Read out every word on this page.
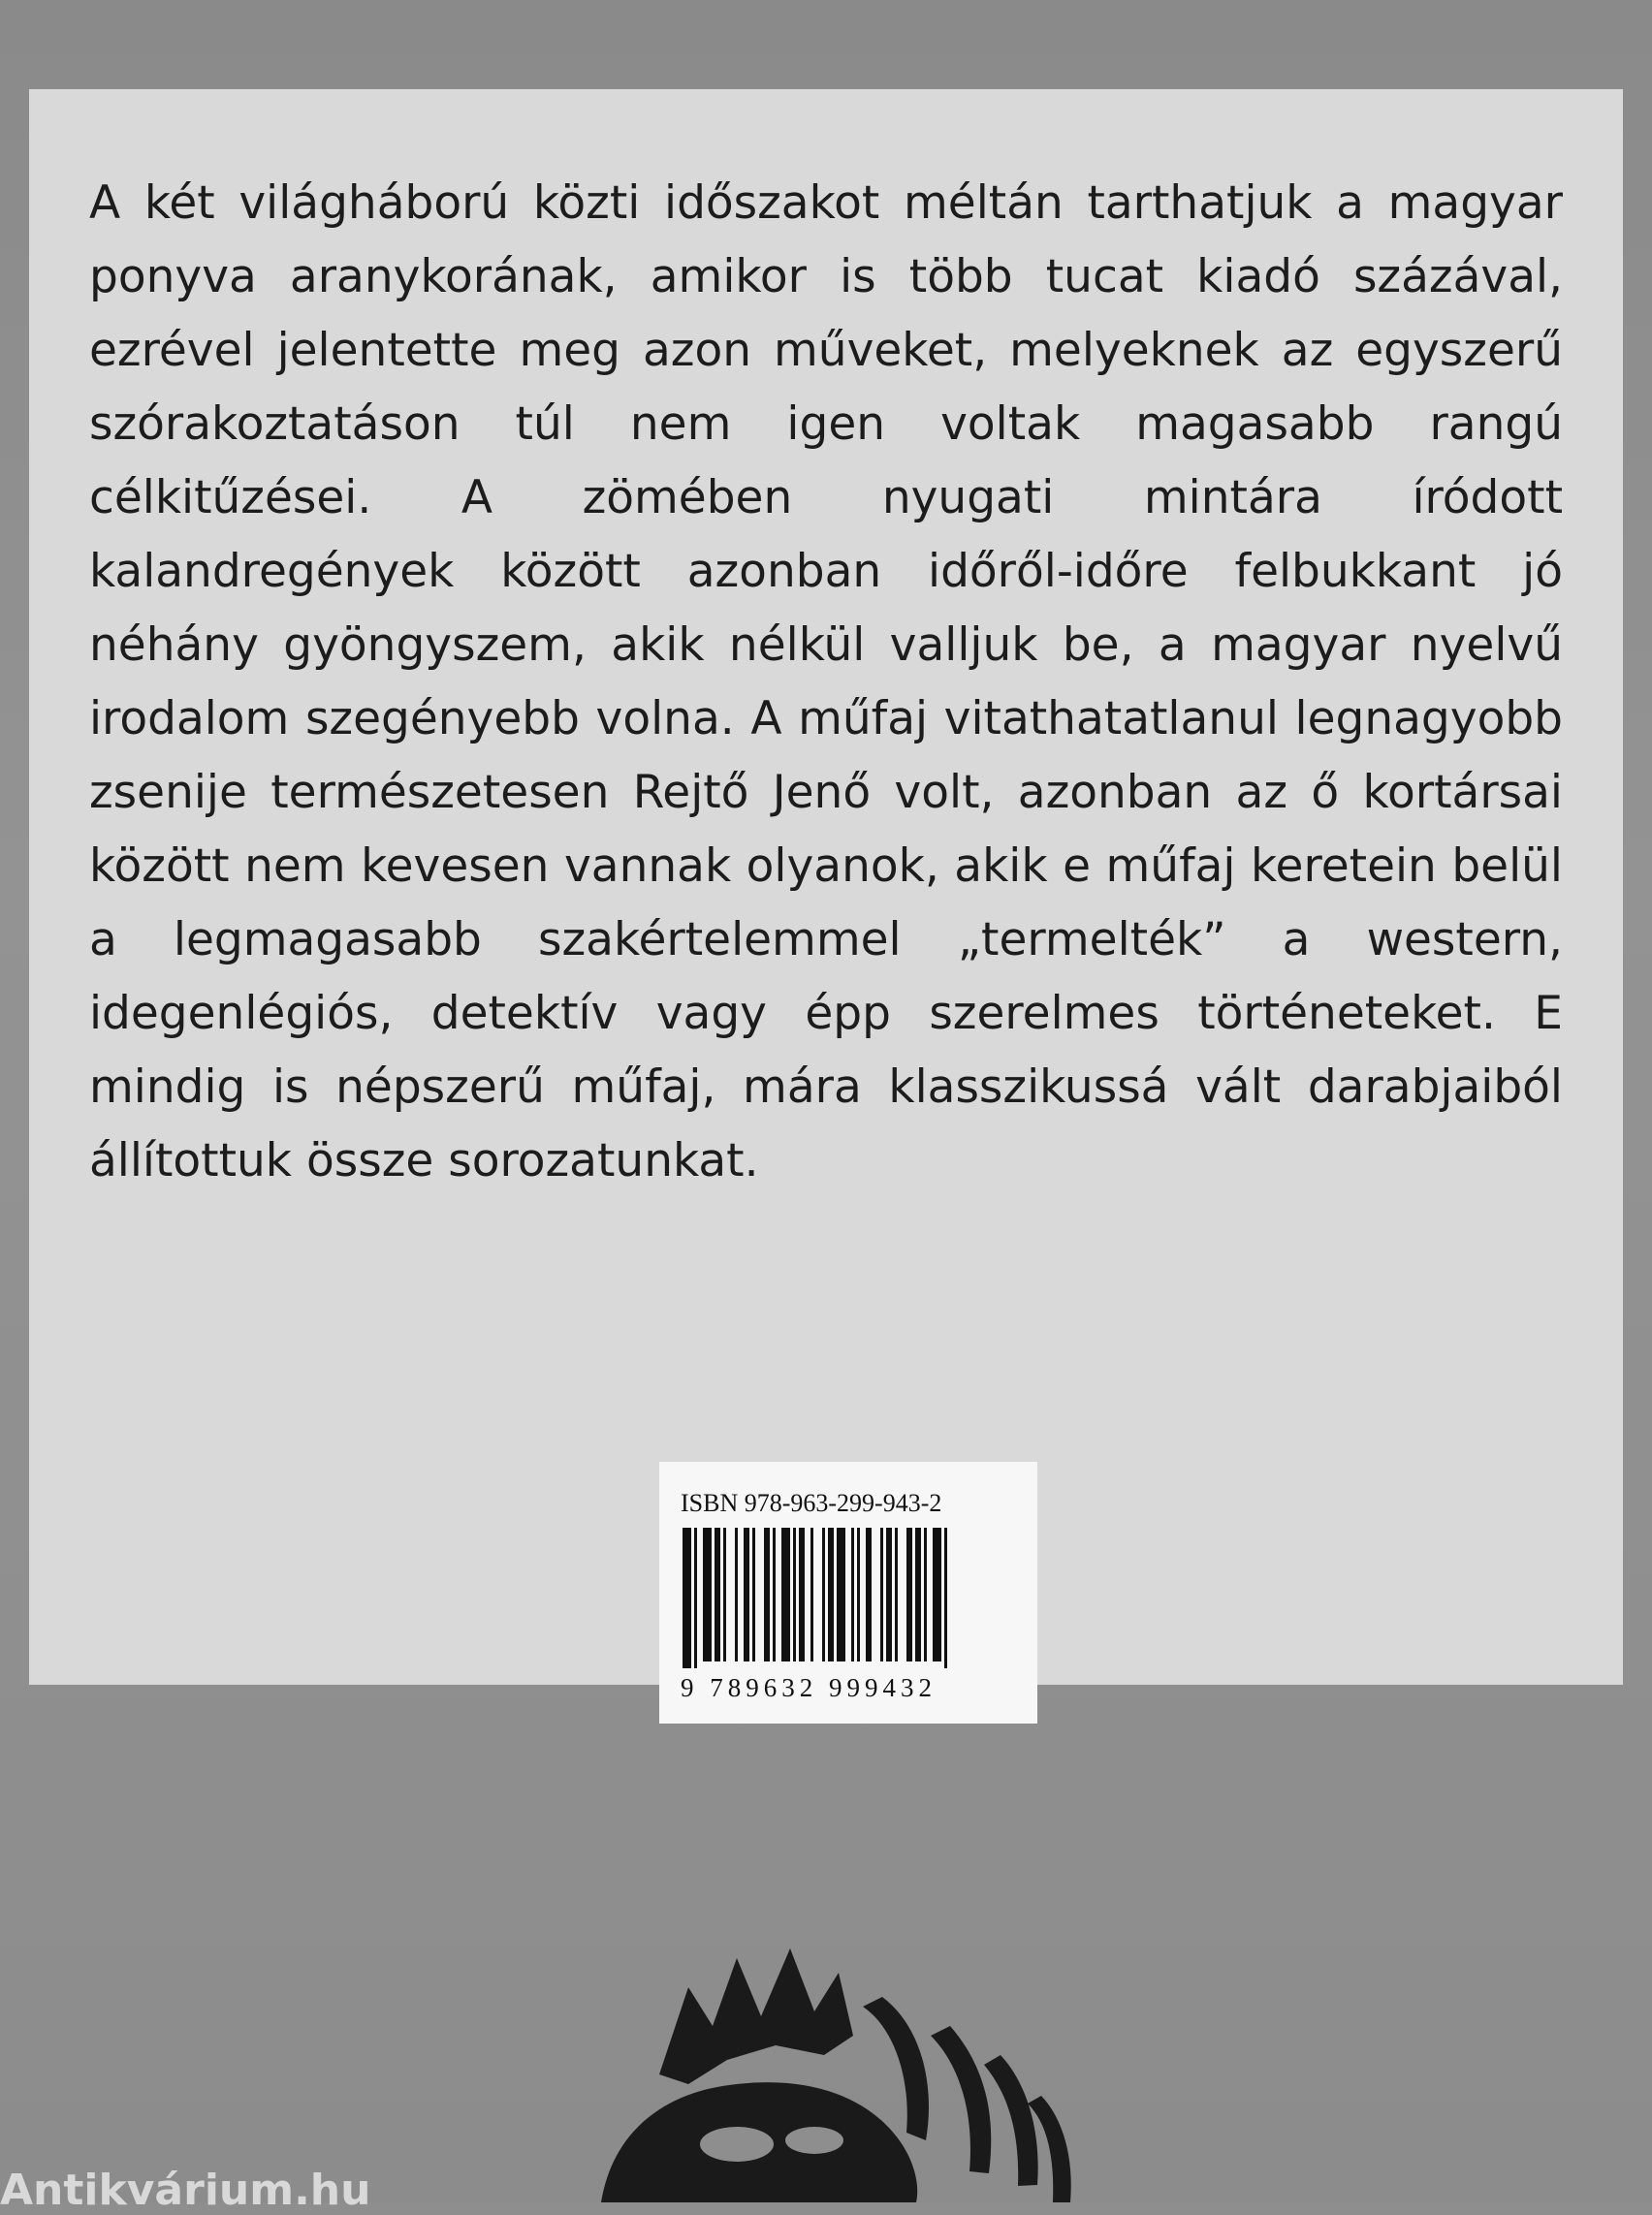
A két világháború közti időszakot méltán tarthatjuk a magyar ponyva aranykorának, amikor is több tucat kiadó százával, ezrével jelentette meg azon műveket, melyeknek az egyszerű szórakoztatáson túl nem igen voltak magasabb rangú célkitűzései. A zömében nyugati mintára íródott kalandregények között azonban időről-időre felbukkant jó néhány gyöngyszem, akik nélkül valljuk be, a magyar nyelvű irodalom szegényebb volna. A műfaj vitathatatlanul legnagyobb zsenije természetesen Rejtő Jenő volt, azonban az ő kortársai között nem kevesen vannak olyanok, akik e műfaj keretein belül a legmagasabb szakértelemmel „termelték” a western, idegenlégiós, detektív vagy épp szerelmes történeteket. E mindig is népszerű műfaj, mára klasszikussá vált darabjaiból állítottuk össze sorozatunkat.

ISBN 978-963-299-943-2
9 789632 999432
Antikvárium.hu
